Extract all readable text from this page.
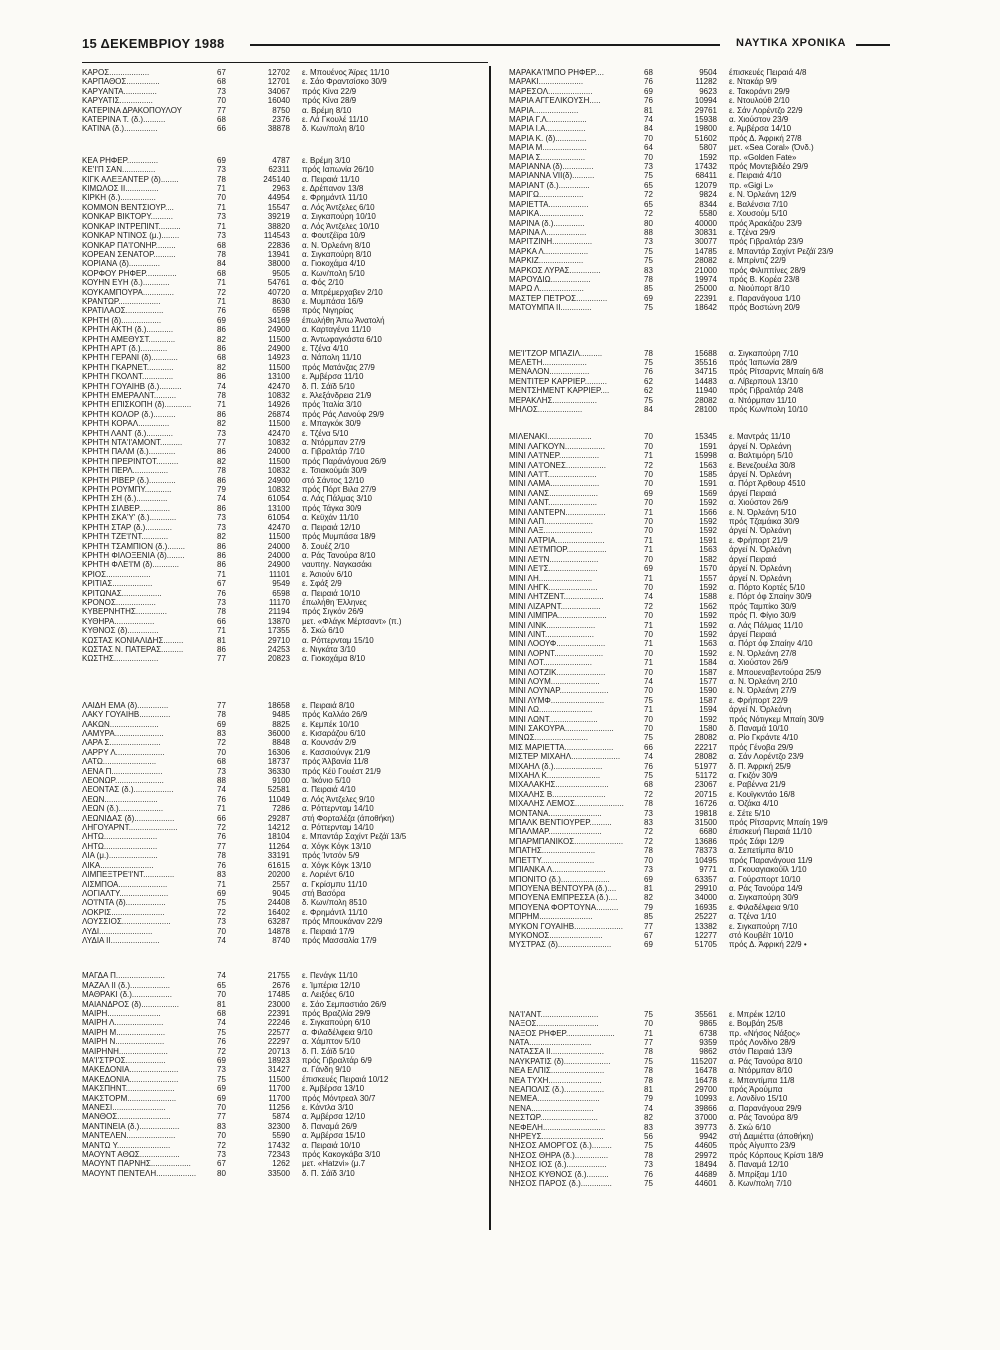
15 ΔΕΚΕΜΒΡΙΟΥ 1988	ΝΑΥΤΙΚΑ ΧΡΟΝΙΚΑ
ΚΑΡΟΣ..................	67	12702 ε. Μπουένος Άϊρες 11/10
ΚΑΡΠΑΘΟΣ...............	68	12701 ε. Σάο Φραντσίσκο 30/9
ΚΑΡΥΑΝΤΑ...............	73	34067 πρός Κίνα 22/9
ΚΑΡΥΑΤΙΣ...............	70	16040 πρός Κίνα 28/9
ΚΑΤΕΡΙΝΑ ΔΡΑΚΟΠΟΥΛΟΥ	77	8750 α. Βρέμη 8/10
ΚΑΤΕΡΙΝΑ Τ. (δ.)..........	68	2376 ε. Λά Γκουλέ 11/10
ΚΑΤΙΝΑ (δ.)...............	66	38878 δ. Κων/πολη 8/10
ΚΕΑ ΡΗΦΕΡ..............	69	4787 ε. Βρέμη 3/10
ΚΕ'Ι'Π ΣΑΝ...............	73	62311 πρός Ιαπωνία 26/10
ΚΙΓΚ ΑΛΕΞΑΝΤΕΡ (δ)........	78	245140 α. Πειραιά 11/10
ΚΙΜΩΛΟΣ ΙΙ...............	71	2963 ε. Δρέπανον 13/8
ΚΙΡΚΗ (δ.)................	70	44954 ε. Φρημάντλ 11/10
ΚΟΜΜΟΝ ΒΕΝΤΣΙΟΥΡ....	71	15547 α. Λός Άντζελες 6/10
ΚΟΝΚΑΡ ΒΙΚΤΟΡΥ..........	73	39219 α. Σιγκαπούρη 10/10
ΚΟΝΚΑΡ ΙΝΤΡΕΠΙΝΤ..........	71	38820 α. Λός Άντζελες 10/10
ΚΟΝΚΑΡ ΝΤΙΝΟΣ (μ.)........	73	114543 α. Φουτζέϊρα 10/9
ΚΟΝΚΑΡ ΠΑ'Ι'ΟΝΗΡ.........	68	22836 α. Ν. Όρλεάνη 8/10
ΚΟΡΕΑΝ ΣΕΝΑΤΟΡ..........	78	13941 α. Σιγκαπούρη 8/10
ΚΟΡΙΑΝΑ (δ)..............	84	38000 α. Γιοκοχάμα 4/10
ΚΟΡΦΟΥ ΡΗΦΕΡ..............	68	9505 α. Κων/πολη 5/10
ΚΟΥΗΝ ΕΥΗ (δ.)............	71	54761 α. Φός 2/10
ΚΟΥΚΑΜΠΟΥΡΑ..............	72	40720 α. Μπρέμερχαβεν 2/10
ΚΡΑΝΤΩΡ...................	71	8630 ε. Μυμπάσα 16/9
ΚΡΑΤΙΛΑΟΣ.................	76	6598 πρός Νιγηρίας
ΚΡΗΤΗ (δ)..................	69	34169 έπωλήθη Άπω Άνατολή
ΚΡΗΤΗ ΑΚΤΗ (δ.)............	86	24900 α. Καρταγένα 11/10
ΚΡΗΤΗ ΑΜΕΘΥΣΤ............	82	11500 α. Άντωφαγκάστα 6/10
ΚΡΗΤΗ ΑΡΤ (δ.)............	86	24900 ε. Τζένα 4/10
ΚΡΗΤΗ ΓΕΡΑΝΙ (δ)............	68	14923 α. Νάπολη 11/10
ΚΡΗΤΗ ΓΚΑΡΝΕΤ............	82	11500 πρός Ματάνζας 27/9
ΚΡΗΤΗ ΓΚΟΛΝΤ..............	86	13100 ε. Άμβέρσα 11/10
ΚΡΗΤΗ ΓΟΥΑΙΗΒ (δ.)..........	74	42470 δ. Π. Σάϊδ 5/10
ΚΡΗΤΗ ΕΜΕΡΑΛΝΤ..........	78	10832 ε. Άλεξάνδρεια 21/9
ΚΡΗΤΗ ΕΠΙΣΚΟΠΗ (δ)............	71	14926 πρός Ίταλία 3/10
ΚΡΗΤΗ ΚΟΛΟΡ (δ.)..........	86	26874 πρός Ράς Λανούφ 29/9
ΚΡΗΤΗ ΚΟΡΑΛ..............	82	11500 ε. Μπαγκόκ 30/9
ΚΡΗΤΗ ΛΑΝΤ (δ.)............	73	42470 ε. Τζένα 5/10
ΚΡΗΤΗ ΝΤΑ'Ι'ΑΜΟΝΤ..........	77	10832 α. Ντόρμπαν 27/9
ΚΡΗΤΗ ΠΑΛΜ (δ.)............	86	24000 α. Γιβραλτάρ 7/10
ΚΡΗΤΗ ΠΡΕΡΙΝΤΟΤ..........	82	11500 πρός Παράνάγουα 26/9
ΚΡΗΤΗ ΠΕΡΛ................	78	10832 ε. Τσιακούμάι 30/9
ΚΡΗΤΗ ΡΙΒΕΡ (δ.)............	86	24900 στό Σάντος 12/10
ΚΡΗΤΗ ΡΟΥΜΠΥ............	79	10832 πρός Πόρτ Βιλα 27/9
ΚΡΗΤΗ ΣΗ (δ.)..............	74	61054 α. Λάς Πάλμας 3/10
ΚΡΗΤΗ ΣΙΛΒΕΡ..............	86	13100 πρός Τάγκα 30/9
ΚΡΗΤΗ ΣΚΑ'Υ' (δ.)............	73	61054 α. Κεϋχάν 11/10
ΚΡΗΤΗ ΣΤΑΡ (δ.)............	73	42470 α. Πειραιά 12/10
ΚΡΗΤΗ ΤΖΕ'Ι'ΝΤ............	82	11500 πρός Μυμπάσα 18/9
ΚΡΗΤΗ ΤΣΑΜΠΙΟΝ (δ.)........	86	24000 δ. Σουέζ 2/10
ΚΡΗΤΗ ΦΙΛΟΞΕΝΙΑ (δ)........	86	24000 α. Ράς Τανούρα 8/10
ΚΡΗΤΗ ΦΛΕ'Ι'Μ (δ)............	86	24900 ναυπηγ. Ναγκασάκι
ΚΡΙΟΣ....................	71	11101 ε. Άσιούν 6/10
ΚΡΙΤΙΑΣ..................	67	9549 ε. Σφάξ 2/9
ΚΡΙΤΩΝΑΣ..................	76	6598 α. Πειραιά 10/10
ΚΡΟΝΟΣ..................	73	11170 έπωλήθη Έλληνες
ΚΥΒΕΡΝΗΤΗΣ..............	78	21194 πρός Σιγκόν 26/9
ΚΥΘΗΡΑ..................	66	13870 μετ. «Φλάγκ Μέρτσαντ» (π.)
ΚΥΘΝΟΣ (δ)..............	71	17355 δ. Σκώ 6/10
ΚΩΣΤΑΣ ΚΟΝΙΑΛΙΔΗΣ.........	81	29710 α. Ρόττερνταμ 15/10
ΚΩΣΤΑΣ Ν. ΠΑΤΕΡΑΣ..........	86	24253 ε. Νιγκάτα 3/10
ΚΩΣΤΗΣ....................	77	20823 α. Γιοκοχάμα 8/10
ΛΑΙΔΗ ΕΜΑ (δ)..............	77	18658 ε. Πειραιά 8/10
ΛΑΚΥ ΓΟΥΑΙΗΒ..............	78	9485 πρός Καλλάο 26/9
ΛΑΚΩΝ......................	69	8825 ε. Κεμπέκ 10/10
ΛΑΜΥΡΑ......................	83	36000 ε. Κισαράζου 6/10
ΛΑΡΑ Σ.......................	72	8848 α. Κουνσάν 2/9
ΛΑΡΡΥ Λ......................	70	16306 ε. Κασσιούνγκ 21/9
ΛΑΤΩ........................	68	18737 πρός Άλβανία 11/8
ΛΕΝΑ Π.......................	73	36330 πρός Κέϋ Γουέστ 21/9
ΛΕΟΝΩΡ......................	88	9100 α. Ίκόνιο 5/10
ΛΕΟΝΤΑΣ (δ.)..................	74	52581 α. Πειραιά 4/10
ΛΕΩΝ........................	76	11049 α. Λός Άντζελες 9/10
ΛΕΩΝ (δ.)....................	71	7286 α. Ρόττερνταμ 14/10
ΛΕΩΝΙΔΑΣ (δ)..................	66	29287 στή Φορταλέζα (άποθήκη)
ΛΗΓΟΥΑΡΝΤ......................	72	14212 α. Ρόττερνταμ 14/10
ΛΗΤΩ........................	76	18104 ε. Μπαντάρ Σαχίντ Ρεζάϊ 13/5
ΛΗΤΩ........................	77	11264 α. Χόγκ Κόγκ 13/10
ΛΙΑ (μ.)......................	78	33191 πρός Ίντσόν 5/9
ΛΙΚΑ........................	76	61615 α. Χόγκ Κόγκ 13/10
ΛΙΜΠΕΞΤΡΕ'Ι'ΝΤ..............	83	20200 ε. Λοριέντ 6/10
ΛΙΣΜΠΟΑ......................	71	2557 α. Γκρίσμπυ 11/10
ΛΟΓΙΑΛΤΥ......................	69	9045 στή Βασόρα
ΛΟ'Ι'ΝΤΑ (δ)..................	75	24408 δ. Κων/πολη 8510
ΛΟΚΡΙΣ........................	72	16402 ε. Φρημάντλ 11/10
ΛΟΥΣΣΙΟΣ......................	73	63287 πρός Μπουκάναν 22/9
ΛΥΔΙ........................	70	14878 ε. Πειραιά 17/9
ΛΥΔΙΑ ΙΙ......................	74	8740 πρός Μασσαλία 17/9
ΜΑΓΔΑ Π......................	74	21755 ε. Πενάγκ 11/10
ΜΑΖΑΛ ΙΙ (δ.)..................	65	2676 ε. Ίμπέρια 12/10
ΜΑΘΡΑΚΙ (δ.)..................	70	17485 α. Λειξόες 6/10
ΜΑΙΑΝΔΡΟΣ (δ).................	81	23000 ε. Σάο Σεμπαστιάο 26/9
ΜΑΙΡΗ........................	68	22391 πρός Βραζιλία 29/9
ΜΑΙΡΗ Λ......................	74	22246 ε. Σιγκαπούρη 6/10
ΜΑΙΡΗ Μ......................	75	22577 α. Φιλαδέλφεια 9/10
ΜΑΙΡΗ Ν......................	76	22297 α. Χάμπτον 5/10
ΜΑΙΡΗΝΗ......................	72	20713 δ. Π. Σάϊδ 5/10
ΜΑ'Ι'ΣΤΡΟΣ..................	69	18923 πρός Γιβραλτάρ 6/9
ΜΑΚΕΔΟΝΙΑ......................	73	31427 α. Γάνδη 9/10
ΜΑΚΕΔΟΝΙΑ......................	75	11500 έπισκευές Πειραιά 10/12
ΜΑΚΣΠΗΝΤ......................	69	11700 ε. Άμβέρσα 13/10
ΜΑΚΣΤΟΡΜ......................	69	11700 πρός Μόντρεαλ 30/7
ΜΑΝΕΣΙ........................	70	11256 ε. Κάντλα 3/10
ΜΑΝΘΟΣ........................	77	5874 α. Άμβέρσα 12/10
ΜΑΝΤΙΝΕΙΑ (δ.)..................	83	32300 δ. Παναμά 26/9
ΜΑΝΤΕΛΕΝ......................	70	5590 α. Άμβέρσα 15/10
ΜΑΝΤΩ Υ........................	72	17432 α. Πειραιά 10/10
ΜΑΟΥΝΤ ΑΘΩΣ..................	73	72343 πρός Κακογκάβα 3/10
ΜΑΟΥΝΤ ΠΑΡΝΗΣ..................	67	1262 μετ. «Hatzvi» (μ.7
ΜΑΟΥΝΤ ΠΕΝΤΕΛΗ..................	80	33500 δ. Π. Σάϊδ 3/10
ΜΑΡΑΚΑ'Ι'ΜΠΟ ΡΗΦΕΡ....	68	9504 έπισκευές Πειραιά 4/8
ΜΑΡΑΚΙ....................	76	11282 ε. Ντακάρ 9/9
ΜΑΡΕΣΟΛ....................	69	9623 ε. Τακοράντι 29/9
ΜΑΡΙΑ ΑΓΓΕΛΙΚΟΥΣΗ.....	76	10994 ε. Ντουλούθ 2/10
ΜΑΡΙΑ....................	81	29761 ε. Σάν Λορέντζο 22/9
ΜΑΡΙΑ Γ.Λ..................	74	15938 α. Χιούστον 23/9
ΜΑΡΙΑ Ι.Α..................	84	19800 ε. Άμβέρσα 14/10
ΜΑΡΙΑ Κ. (δ)..............	70	51602 πρός Δ. Άφρική 27/8
ΜΑΡΙΑ Μ....................	64	5807 μετ. «Sea Coral» (Όνδ.)
ΜΑΡΙΑ Σ....................	70	1592 πρ. «Golden Fate»
ΜΑΡΙΑΝΝΑ (δ)..............	73	17432 πρός Μοντεβιδέο 29/9
ΜΑΡΙΑΝΝΑ VII(δ)..........	75	68411 ε. Πειραιά 4/10
ΜΑΡΙΑΝΤ (δ.)..............	65	12079 πρ. «Gigi L»
ΜΑΡΙΓΩ....................	72	9824 ε. Ν. Όρλεάνη 12/9
ΜΑΡΙΕΤΤΑ..................	65	8344 ε. Βαλένσια 7/10
ΜΑΡΙΚΑ....................	72	5580 ε. Χουσούμ 5/10
ΜΑΡΙΝΑ (δ.)..............	80	40000 πρός Άρακάζου 23/9
ΜΑΡΙΝΑ Λ..................	88	30831 ε. Τζένα 29/9
ΜΑΡΙΤΖΙΝΗ..................	73	30077 πρός Γιβραλτάρ 23/9
ΜΑΡΚΑ Λ....................	75	14785 ε. Μπαντάρ Σαχίντ Ρεζάϊ 23/9
ΜΑΡΚΙΖ....................	75	28082 ε. Μπρίντιζ 22/9
ΜΑΡΚΟΣ ΛΥΡΑΣ..............	83	21000 πρός Φιλιππίνες 28/9
ΜΑΡΟΥΔΙΩ..................	78	19974 πρός Β. Κορέα 23/8
ΜΑΡΩ Λ....................	85	25000 α. Νιούπορτ 8/10
ΜΑΣΤΕΡ ΠΕΤΡΟΣ..............	69	22391 ε. Παρανάγουα 1/10
ΜΑΤΟΥΜΠΑ ΙΙ..............	75	18642 πρός Βοστώνη 20/9
ΜΕ'Ι'ΤΖΟΡ ΜΠΑΖΙΛ..........	78	15688 α. Σιγκαπούρη 7/10
ΜΕΛΕΤΗ....................	75	35516 πρός Ίαπωνία 28/9
ΜΕΝΑΛΟΝ..................	76	34715 πρός Ρίτσαρντς Μπαίη 6/8
ΜΕΝΤΙΤΕΡ ΚΑΡΡΙΕΡ..........	62	14483 α. Λίβερπουλ 13/10
ΜΕΝΤΣΗΜΕΝΤ ΚΑΡΡΙΕΡ....	62	11940 πρός Γιβραλτάρ 24/8
ΜΕΡΑΚΛΗΣ....................	75	28082 α. Ντόρμπαν 11/10
ΜΗΛΟΣ....................	84	28100 πρός Κων/πολη 10/10
ΜΙΛΕΝΑΚΙ....................	70	15345 ε. Μαντράς 11/10
ΜΙΝΙ ΛΑΓΚΟΥΝ..................	70	1591 άργεί Ν. Όρλεάνη
ΜΙΝΙ ΛΑ'Ι'ΝΕΡ..................	71	15998 α. Βαλτιμόρη 5/10
ΜΙΝΙ ΛΑ'Ι'ΟΝΕΣ..................	72	1563 ε. Βενεζουέλα 30/8
ΜΙΝΙ ΛΑ'Ι'Τ......................	70	1585 άργεί Ν. Όρλεάνη
ΜΙΝΙ ΛΑΜΑ......................	70	1591 α. Πόρτ Άρθουρ 4510
ΜΙΝΙ ΛΑΝΣ......................	69	1569 άργεί Πειραιά
ΜΙΝΙ ΛΑΝΤ......................	70	1592 α. Χιούστον 26/9
ΜΙΝΙ ΛΑΝΤΕΡΝ..................	71	1566 ε. Ν. Όρλεάνη 5/10
ΜΙΝΙ ΛΑΠ......................	70	1592 πρός Τζαμάικα 30/9
ΜΙΝΙ ΛΑΞ......................	70	1592 άργεί Ν. Όρλεάνη
ΜΙΝΙ ΛΑΤΡΙΑ......................	71	1591 ε. Φρήπορτ 21/9
ΜΙΝΙ ΛΕ'Ι'ΜΠΟΡ..................	71	1563 άργεί Ν. Όρλεάνη
ΜΙΝΙ ΛΕ'Ι'Ν......................	70	1582 άργεί Πειραιά
ΜΙΝΙ ΛΕ'Ι'Σ......................	69	1570 άργεί Ν. Όρλεάνη
ΜΙΝΙ ΛΗ........................	71	1557 άργεί Ν. Όρλεάνη
ΜΙΝΙ ΛΗΓΚ......................	70	1592 α. Πόρτο Κορτές 5/10
ΜΙΝΙ ΛΗΤΖΕΝΤ..................	74	1588 ε. Πόρτ όφ Σπαίην 30/9
ΜΙΝΙ ΛΙΖΑΡΝΤ..................	72	1562 πρός Ταμπίκο 30/9
ΜΙΝΙ ΛΙΜΠΡΑ......................	70	1592 πρός Π. Φίγιο 30/9
ΜΙΝΙ ΛΙΝΚ......................	71	1592 α. Λάς Πάλμας 11/10
ΜΙΝΙ ΛΙΝΤ......................	70	1592 άργεί Πειραιά
ΜΙΝΙ ΛΟΟΥΦ......................	71	1563 α. Πόρτ όφ Σπαίην 4/10
ΜΙΝΙ ΛΟΡΝΤ......................	70	1592 ε. Ν. Όρλεάνη 27/8
ΜΙΝΙ ΛΟΤ......................	71	1584 α. Χιούστον 26/9
ΜΙΝΙ ΛΟΤΖΙΚ......................	70	1587 ε. Μπουεναβεντούρα 25/9
ΜΙΝΙ ΛΟΥΜ......................	74	1577 α. Ν. Όρλεάνη 2/10
ΜΙΝΙ ΛΟΥΝΑΡ......................	70	1590 ε. Ν. Όρλεάνη 27/9
ΜΙΝΙ ΛΥΜΦ........................	75	1587 ε. Φρήπορτ 22/9
ΜΙΝΙ ΛΩ........................	71	1594 άργεί Ν. Όρλεάνη
ΜΙΝΙ ΛΩΝΤ......................	70	1592 πρός Νότιγκεμ Μπαίη 30/9
ΜΙΝΙ ΣΑΚΟΥΡΑ......................	70	1580 δ. Παναμά 10/10
ΜΙΝΩΣ........................	75	28082 α. Ρίο Γκράντε 4/10
ΜΙΣ ΜΑΡΙΕΤΤΑ......................	66	22217 πρός Γένοβα 29/9
ΜΙΣΤΕΡ ΜΙΧΑΗΛ......................	74	28082 α. Σάν Λορέντζο 23/9
ΜΙΧΑΗΛ (δ.)......................	76	51977 δ. Π. Άφρική 25/9
ΜΙΧΑΗΛ Κ........................	75	51172 α. Γκιζόν 30/9
ΜΙΧΑΛΑΚΗΣ........................	68	23067 ε. Ραβέννα 21/9
ΜΙΧΑΛΗΣ Β........................	72	20715 ε. Κουϊγκντάο 16/8
ΜΙΧΑΛΗΣ ΛΕΜΟΣ......................	78	16726 α. Όζάκα 4/10
ΜΟΝΤΑΝΑ........................	73	19818 ε. Σέτε 5/10
ΜΠΑΛΚ ΒΕΝΤΙΟΥΡΕΡ..........	83	31500 πρός Ρίτσαρντς Μπαίη 19/9
ΜΠΑΛΜΑΡ........................	72	6680 έπισκευή Πειραιά 11/10
ΜΠΑΡΜΠΑΝΙΚΟΣ......................	72	13686 πρός Σάφι 12/9
ΜΠΑΤΗΣ........................	78	78373 α. Σεπετίμπα 8/10
ΜΠΕΤΤΥ........................	70	10495 πρός Παρανάγουα 11/9
ΜΠΙΑΝΚΑ Λ........................	73	9771 α. Γκουαγιακούϊλ 1/10
ΜΠΟΝΙΤΟ (δ.)......................	69	63357 α. Γούρσπορτ 10/10
ΜΠΟΥΕΝΑ ΒΕΝΤΟΥΡΑ (δ.)....	81	29910 α. Ράς Τανούρα 14/9
ΜΠΟΥΕΝΑ ΕΜΠΡΕΣΣΑ (δ.)....	82	34000 α. Σιγκαπούρη 30/9
ΜΠΟΥΕΝΑ ΦΟΡΤΟΥΝΑ..........	79	16935 ε. Φιλαδέλφεια 9/10
ΜΠΡΗΜ........................	85	25227 α. Τζένα 1/10
ΜΥΚΟΝ ΓΟΥΑΙΗΒ......................	77	13382 ε. Σιγκαπούρη 7/10
ΜΥΚΟΝΟΣ........................	67	12277 στό Κουβέϊτ 10/10
ΜΥΣΤΡΑΣ (δ)........................	69	51705 πρός Δ. Άφρική 22/9 •
ΝΑ'Ι'ΑΝΤ..........................	75	35561 ε. Μπρέικ 12/10
ΝΑΞΟΣ............................	70	9865 ε. Βομβάη 25/8
ΝΑΞΟΣ ΡΗΦΕΡ......................	71	6738 πρ. «Νήσος Νάξος»
ΝΑΤΑ............................	77	9359 πρός Λονδίνο 28/9
ΝΑΤΑΣΣΑ ΙΙ........................	78	9862 στόν Πειραιά 13/9
ΝΑΥΚΡΑΤΙΣ (δ).....................	75	115207 α. Ράς Τανούρα 8/10
ΝΕΑ ΕΛΠΙΣ........................	78	16478 α. Ντόρμπαν 8/10
ΝΕΑ ΤΥΧΗ........................	78	16478 ε. Μπαντίμπα 11/8
ΝΕΑΠΟΛΙΣ (δ.)..................	81	29700 πρός Άρούμπα
ΝΕΜΕΑ............................	79	10993 ε. Λονδίνο 15/10
ΝΕΝΑ............................	74	39866 α. Παρανάγουα 29/9
ΝΕΣΤΩΡ..........................	82	37000 α. Ράς Τανούρα 8/9
ΝΕΦΕΛΗ............................	83	39773 δ. Σκώ 6/10
ΝΗΡΕΥΣ............................	56	9942 στή Δαμιέττα (άποθήκη)
ΝΗΣΟΣ ΑΜΟΡΓΟΣ (δ.).........	75	44605 πρός Αίγυπτο 23/9
ΝΗΣΟΣ ΘΗΡΑ (δ.)...............	78	29972 πρός Κόρπους Κρίστι 18/9
ΝΗΣΟΣ ΙΟΣ (δ.)..................	73	18494 δ. Παναμά 12/10
ΝΗΣΟΣ ΚΥΘΝΟΣ (δ.)..........	76	44689 δ. Μπρίξαμ 1/10
ΝΗΣΟΣ ΠΑΡΟΣ (δ.)..............	75	44601 δ. Κων/πολη 7/10
